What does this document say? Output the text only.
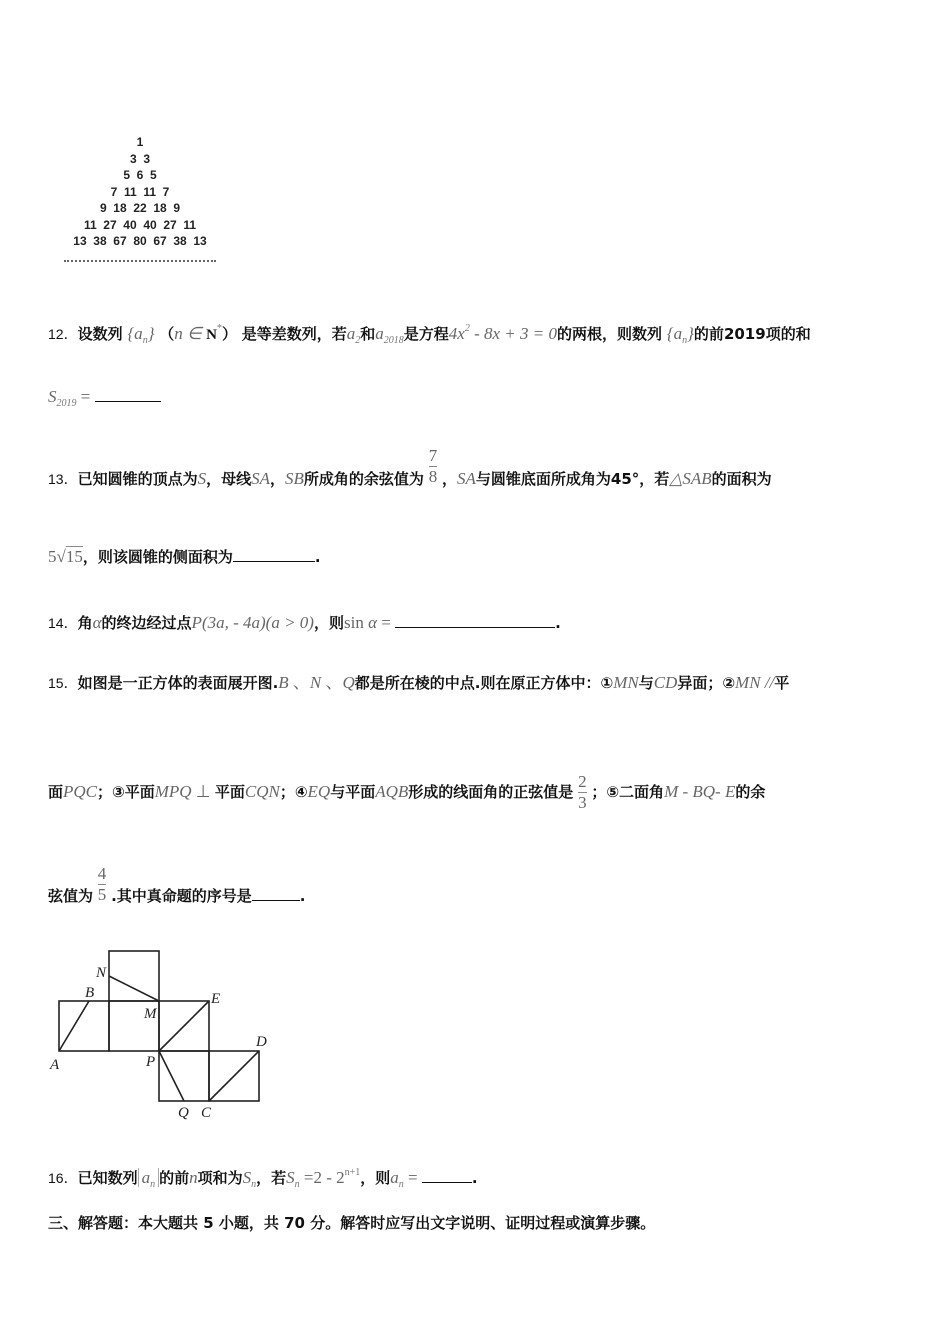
1
3  3
5  6  5
7  11  11  7
9  18  22  18  9
11  27  40  40  27  11
13  38  67  80  67  38  13
12．设数列 $\{a_n\}$ （n ∈ N*） 是等差数列，若$a_2$和$a_{2018}$是方程$4x^2 - 8x + 3 = 0$的两根，则数列 $\{a_n\}$的前2019项的和
$S_{2019}$ =
13．已知圆锥的顶点为S，母线SA，SB所成角的余弦值为 $\frac{7}{8}$ ，SA与圆锥底面所成角为45°，若△SAB的面积为
5√15，则该圆锥的侧面积为	.
14．角α的终边经过点P(3a, - 4a)(a > 0)，则sin α =	.
15．如图是一正方体的表面展开图.B 、N 、Q都是所在棱的中点.则在原正方体中：①MN与CD异面；②MN //平
面PQC；③平面MPQ ⊥ 平面CQN；④EQ与平面AQB形成的线面角的正弦值是 $\frac{2}{3}$ ；⑤二面角M - BQ- E的余
弦值为 $\frac{4}{5}$ .其中真命题的序号是	.
N
B
M
E
D
A	P
Q C
16．已知数列 $a_n$ 的前n项和为$S_n$，若$S_n =2 - 2^{n+1}$，则$a_n$ =	.
三、解答题：本大题共 5 小题，共 70 分。解答时应写出文字说明、证明过程或演算步骤。
